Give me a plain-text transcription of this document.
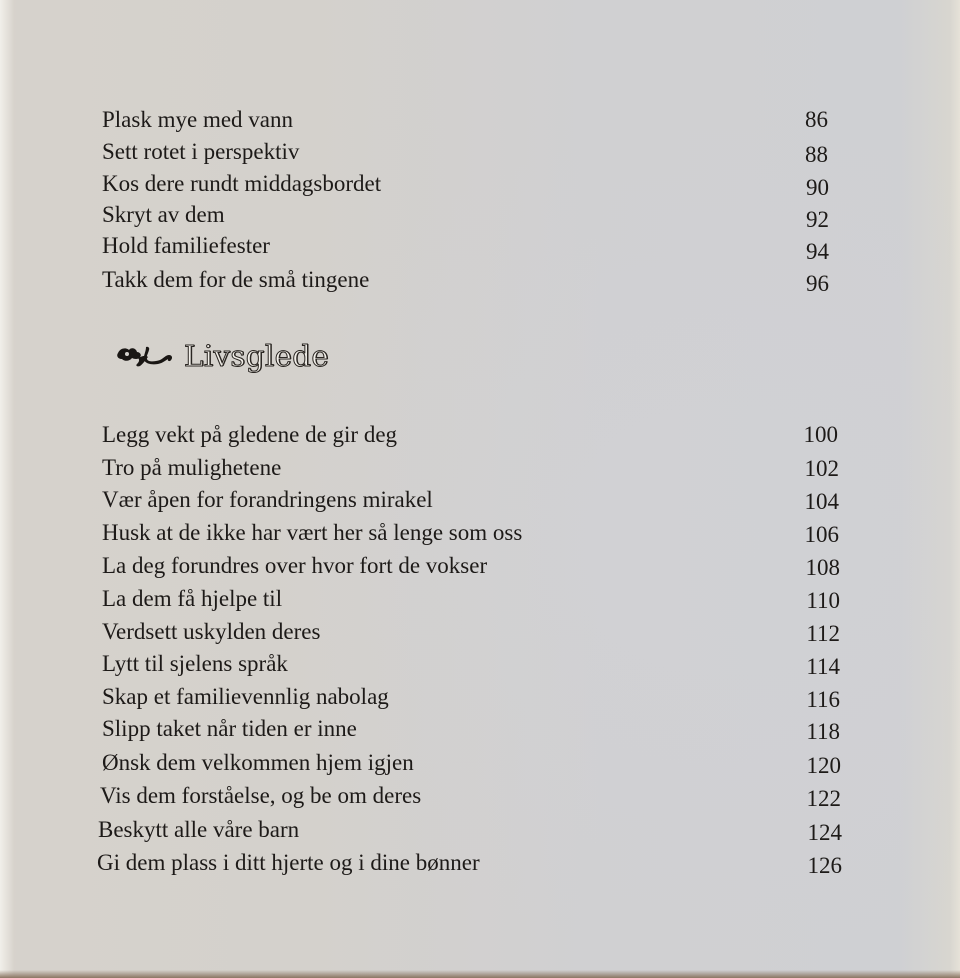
Plask mye med vann	86
Sett rotet i perspektiv	88
Kos dere rundt middagsbordet	90
Skryt av dem	92
Hold familiefester	94
Takk dem for de små tingene	96
Livsglede
Legg vekt på gledene de gir deg	100
Tro på mulighetene	102
Vær åpen for forandringens mirakel	104
Husk at de ikke har vært her så lenge som oss	106
La deg forundres over hvor fort de vokser	108
La dem få hjelpe til	110
Verdsett uskylden deres	112
Lytt til sjelens språk	114
Skap et familievennlig nabolag	116
Slipp taket når tiden er inne	118
Ønsk dem velkommen hjem igjen	120
Vis dem forståelse, og be om deres	122
Beskytt alle våre barn	124
Gi dem plass i ditt hjerte og i dine bønner	126
